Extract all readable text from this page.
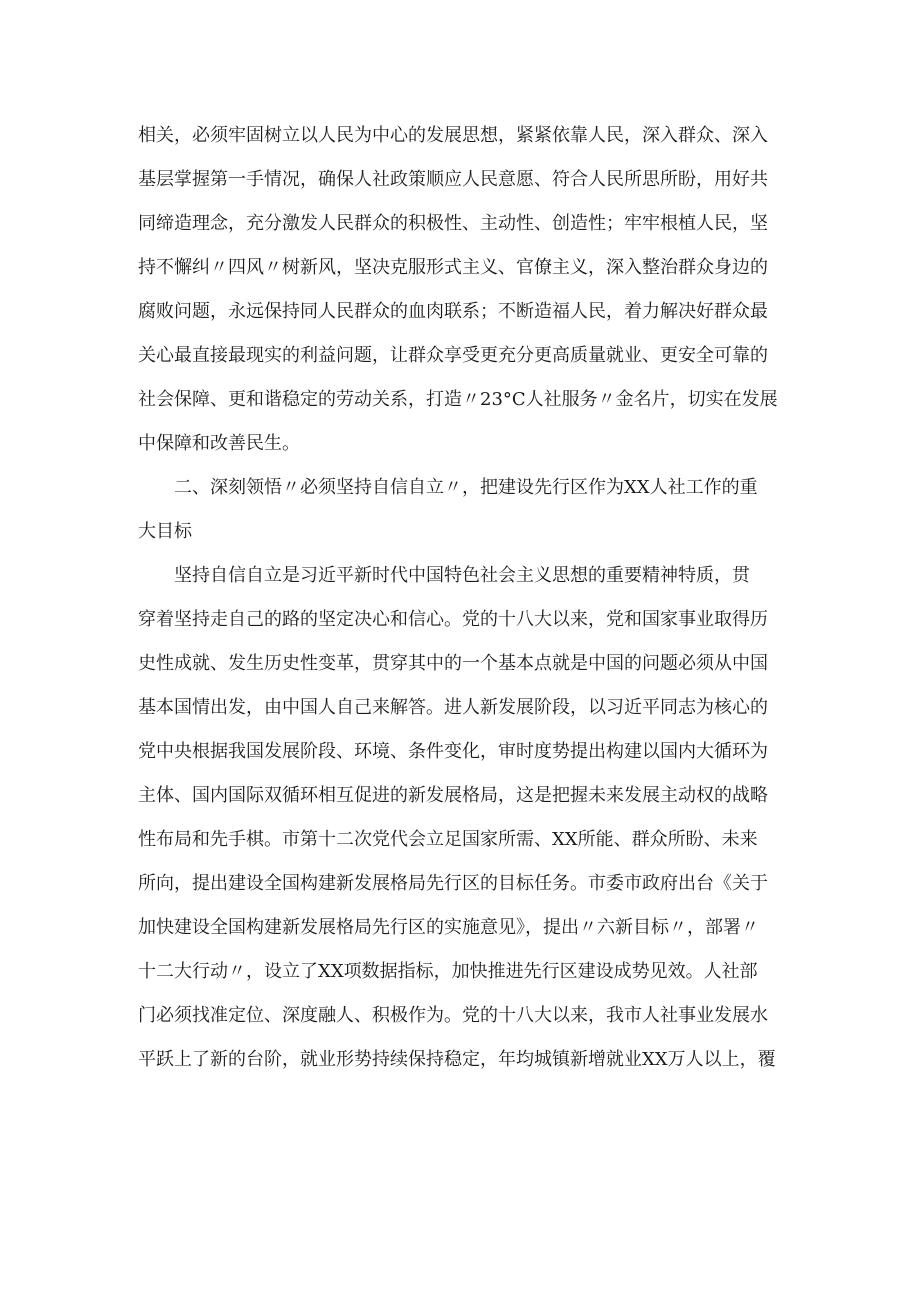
相关，必须牢固树立以人民为中心的发展思想，紧紧依靠人民，深入群众、深入
基层掌握第一手情况，确保人社政策顺应人民意愿、符合人民所思所盼，用好共
同缔造理念，充分激发人民群众的积极性、主动性、创造性；牢牢根植人民，坚
持不懈纠〃四风〃树新风，坚决克服形式主义、官僚主义，深入整治群众身边的
腐败问题，永远保持同人民群众的血肉联系；不断造福人民，着力解决好群众最
关心最直接最现实的利益问题，让群众享受更充分更高质量就业、更安全可靠的
社会保障、更和谐稳定的劳动关系，打造〃23°C人社服务〃金名片，切实在发展
中保障和改善民生。
二、深刻领悟〃必须坚持自信自立〃，把建设先行区作为XX人社工作的重
大目标
坚持自信自立是习近平新时代中国特色社会主义思想的重要精神特质，贯
穿着坚持走自己的路的坚定决心和信心。党的十八大以来，党和国家事业取得历
史性成就、发生历史性变革，贯穿其中的一个基本点就是中国的问题必须从中国
基本国情出发，由中国人自己来解答。进人新发展阶段，以习近平同志为核心的
党中央根据我国发展阶段、环境、条件变化，审时度势提出构建以国内大循环为
主体、国内国际双循环相互促进的新发展格局，这是把握未来发展主动权的战略
性布局和先手棋。市第十二次党代会立足国家所需、XX所能、群众所盼、未来
所向，提出建设全国构建新发展格局先行区的目标任务。市委市政府出台《关于
加快建设全国构建新发展格局先行区的实施意见》，提出〃六新目标〃，部署〃
十二大行动〃，设立了XX项数据指标，加快推进先行区建设成势见效。人社部
门必须找准定位、深度融人、积极作为。党的十八大以来，我市人社事业发展水
平跃上了新的台阶，就业形势持续保持稳定，年均城镇新增就业XX万人以上，覆
